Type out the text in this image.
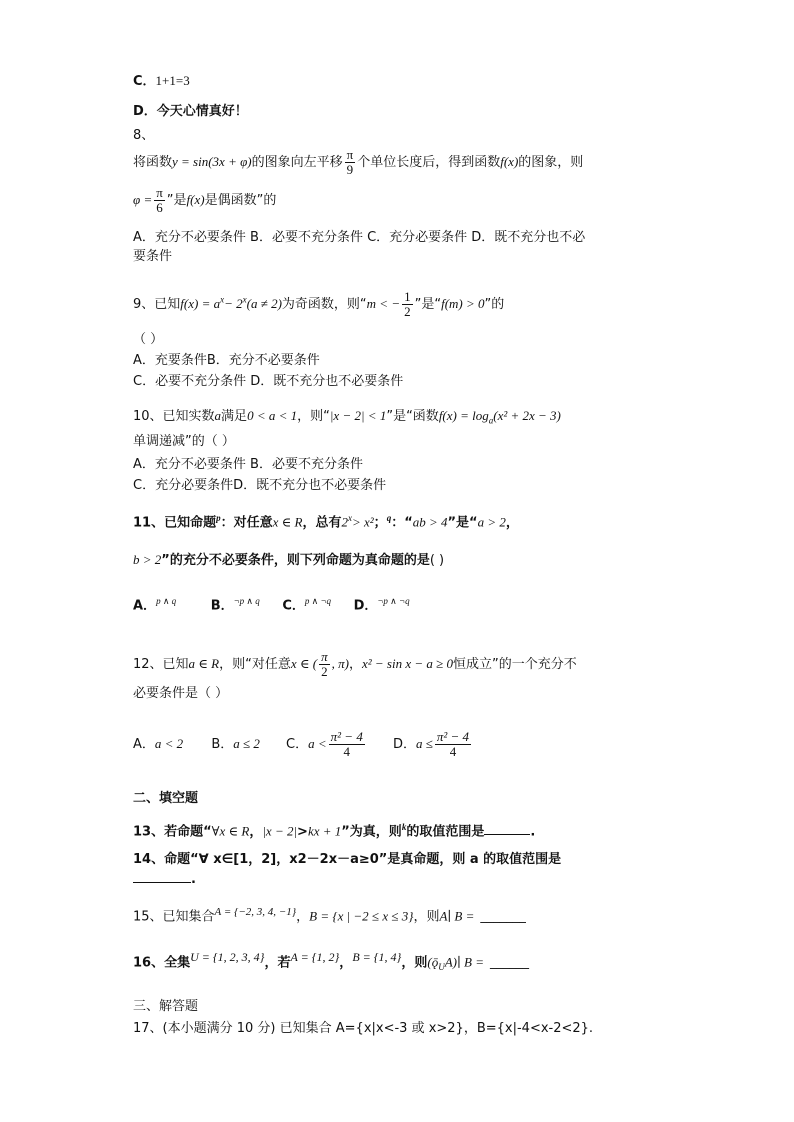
C．1+1=3
D．今天心情真好！
8、
将函数y = sin(3x + φ)的图象向左平移 $\frac{\pi}{9}$ 个单位长度后，得到函数f(x)的图象，则
$\varphi = \frac{\pi}{6}$ ”是f(x)是偶函数”的
A．充分不必要条件 B．必要不充分条件 C．充分必要条件 D．既不充分也不必
要条件
9、已知$f(x) = a^x- 2^x(a \ne 2)$为奇函数，则“m < − $\frac{1}{2}$ ”是“f(m) > 0”的
（ ）
A．充要条件B．充分不必要条件
C．必要不充分条件 D．既不充分也不必要条件
10、已知实数a满足0 < a < 1，则“|x − 2| < 1”是“函数$f(x) = \log_a(x^2 + 2x - 3)$
单调递减”的（ ）
A．充分不必要条件 B．必要不充分条件
C．充分必要条件D．既不充分也不必要条件
11、已知命题$^p$：对任意x ∈ R，总有$2^x> x^2$；$^q$：“ab > 4”是“a > 2，
b > 2”的充分不必要条件，则下列命题为真命题的是( )
A．$^{p \wedge q}$	B．$^{\neg p \wedge q}$ C．$^{p \wedge \neg q}$ D．$^{\neg p \wedge \neg q}$
12、已知a ∈ R，则“对任意x ∈ ( $\frac{\pi}{2}$ , π)，x² − sin x − a ≥ 0恒成立”的一个充分不
必要条件是（ ）
A．a < 2 B．a ≤ 2 C．$a < \frac{\text{π² − 4}}{4}$ D．$a \le \frac{\text{π² − 4}}{4}$
二、填空题
13、若命题“∀x ∈ R，|x − 2|>kx + 1”为真，则$^k$的取值范围是	.
14、命题“∀ x∈[1，2]，x2－2x－a≥0”是真命题，则 a 的取值范围是
.
15、已知集合$^{A = \{-2, 3, 4, -1\}}$，B = {x | −2 ≤ x ≤ 3}，则A∣ B = _______
16、全集U = {1, 2, 3, 4}，若A = {1, 2}，B = {1, 4}，则$(ǭ_UA)∣$ B = ______
三、解答题
17、(本小题满分 10 分) 已知集合 A={x|x<-3 或 x>2}，B={x|-4<x-2<2}.
